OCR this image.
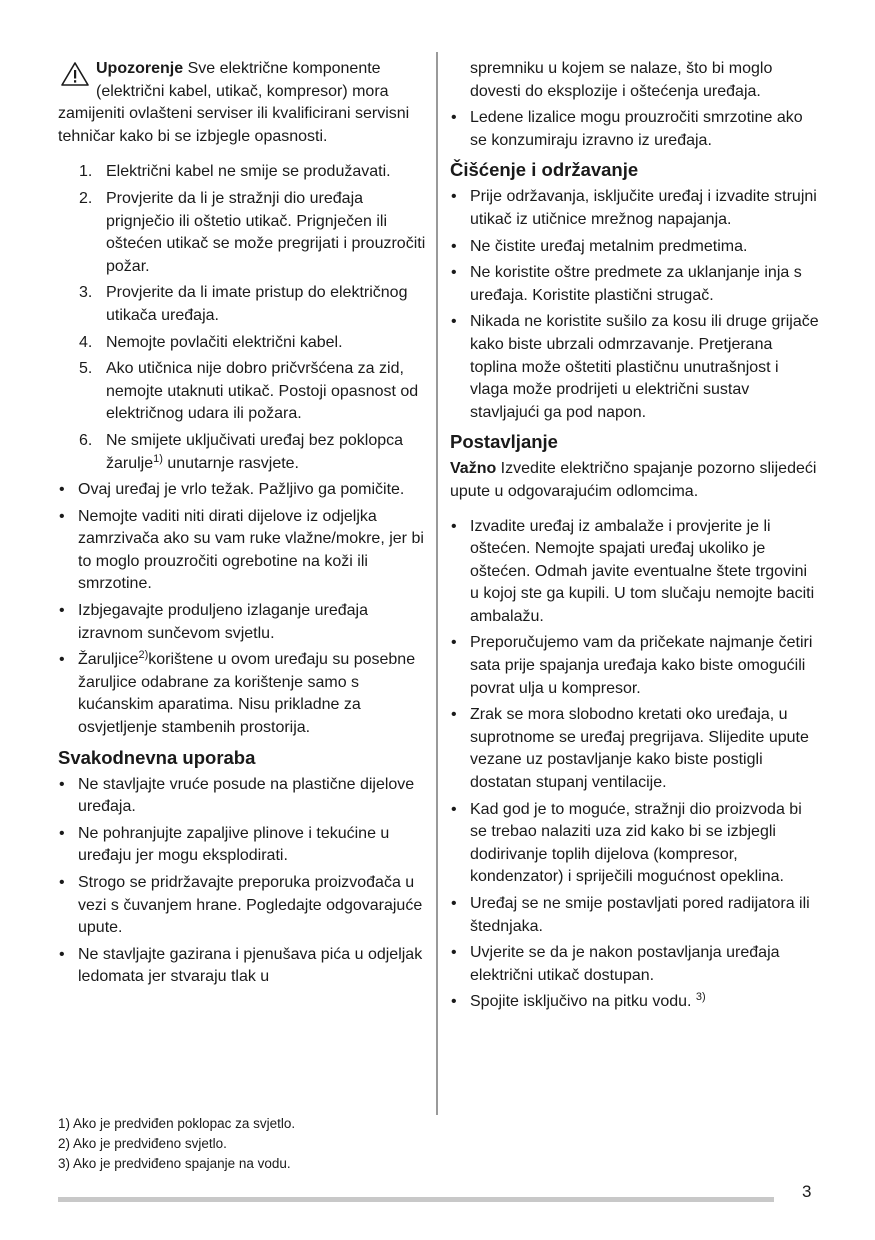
Upozorenje Sve električne komponente

(električni kabel, utikač, kompresor) mora zamijeniti ovlašteni serviser ili kvalificirani servisni tehničar kako bi se izbjegle opasnosti.

1. Električni kabel ne smije se produžavati.
2. Provjerite da li je stražnji dio uređaja prignječio ili oštetio utikač. Prignječen ili oštećen utikač se može pregrijati i prouzročiti požar.
3. Provjerite da li imate pristup do električnog utikača uređaja.
4. Nemojte povlačiti električni kabel.
5. Ako utičnica nije dobro pričvršćena za zid, nemojte utaknuti utikač. Postoji opasnost od električnog udara ili požara.
6. Ne smijete uključivati uređaj bez poklopca žarulje$^{1)}$ unutarnje rasvjete.
• Ovaj uređaj je vrlo težak. Pažljivo ga pomičite.
• Nemojte vaditi niti dirati dijelove iz odjeljka zamrzivača ako su vam ruke vlažne/mokre, jer bi to moglo prouzročiti ogrebotine na koži ili smrzotine.
• Izbjegavajte produljeno izlaganje uređaja izravnom sunčevom svjetlu.
• Žaruljice$^{2)}$korištene u ovom uređaju su posebne žaruljice odabrane za korištenje samo s kućanskim aparatima. Nisu prikladne za osvjetljenje stambenih prostorija.
Svakodnevna uporaba
• Ne stavljajte vruće posude na plastične dijelove uređaja.
• Ne pohranjujte zapaljive plinove i tekućine u uređaju jer mogu eksplodirati.
• Strogo se pridržavajte preporuka proizvođača u vezi s čuvanjem hrane. Pogledajte odgovarajuće upute.
• Ne stavljajte gazirana i pjenušava pića u odjeljak ledomata jer stvaraju tlak u
spremniku u kojem se nalaze, što bi moglo dovesti do eksplozije i oštećenja uređaja.
• Ledene lizalice mogu prouzročiti smrzotine ako se konzumiraju izravno iz uređaja.
Čišćenje i održavanje
• Prije održavanja, isključite uređaj i izvadite strujni utikač iz utičnice mrežnog napajanja.
• Ne čistite uređaj metalnim predmetima.
• Ne koristite oštre predmete za uklanjanje inja s uređaja. Koristite plastični strugač.
• Nikada ne koristite sušilo za kosu ili druge grijače kako biste ubrzali odmrzavanje. Pretjerana toplina može oštetiti plastičnu unutrašnjost i vlaga može prodrijeti u električni sustav stavljajući ga pod napon.
Postavljanje

Važno Izvedite električno spajanje pozorno slijedeći upute u odgovarajućim odlomcima.

• Izvadite uređaj iz ambalaže i provjerite je li oštećen. Nemojte spajati uređaj ukoliko je oštećen. Odmah javite eventualne štete trgovini u kojoj ste ga kupili. U tom slučaju nemojte baciti ambalažu.
• Preporučujemo vam da pričekate najmanje četiri sata prije spajanja uređaja kako biste omogućili povrat ulja u kompresor.
• Zrak se mora slobodno kretati oko uređaja, u suprotnome se uređaj pregrijava. Slijedite upute vezane uz postavljanje kako biste postigli dostatan stupanj ventilacije.
• Kad god je to moguće, stražnji dio proizvoda bi se trebao nalaziti uza zid kako bi se izbjegli dodirivanje toplih dijelova (kompresor, kondenzator) i spriječili mogućnost opeklina.
• Uređaj se ne smije postavljati pored radijatora ili štednjaka.
• Uvjerite se da je nakon postavljanja uređaja električni utikač dostupan.
• Spojite isključivo na pitku vodu. $^{3)}$
1) Ako je predviđen poklopac za svjetlo.
2) Ako je predviđeno svjetlo.
3) Ako je predviđeno spajanje na vodu.
3
